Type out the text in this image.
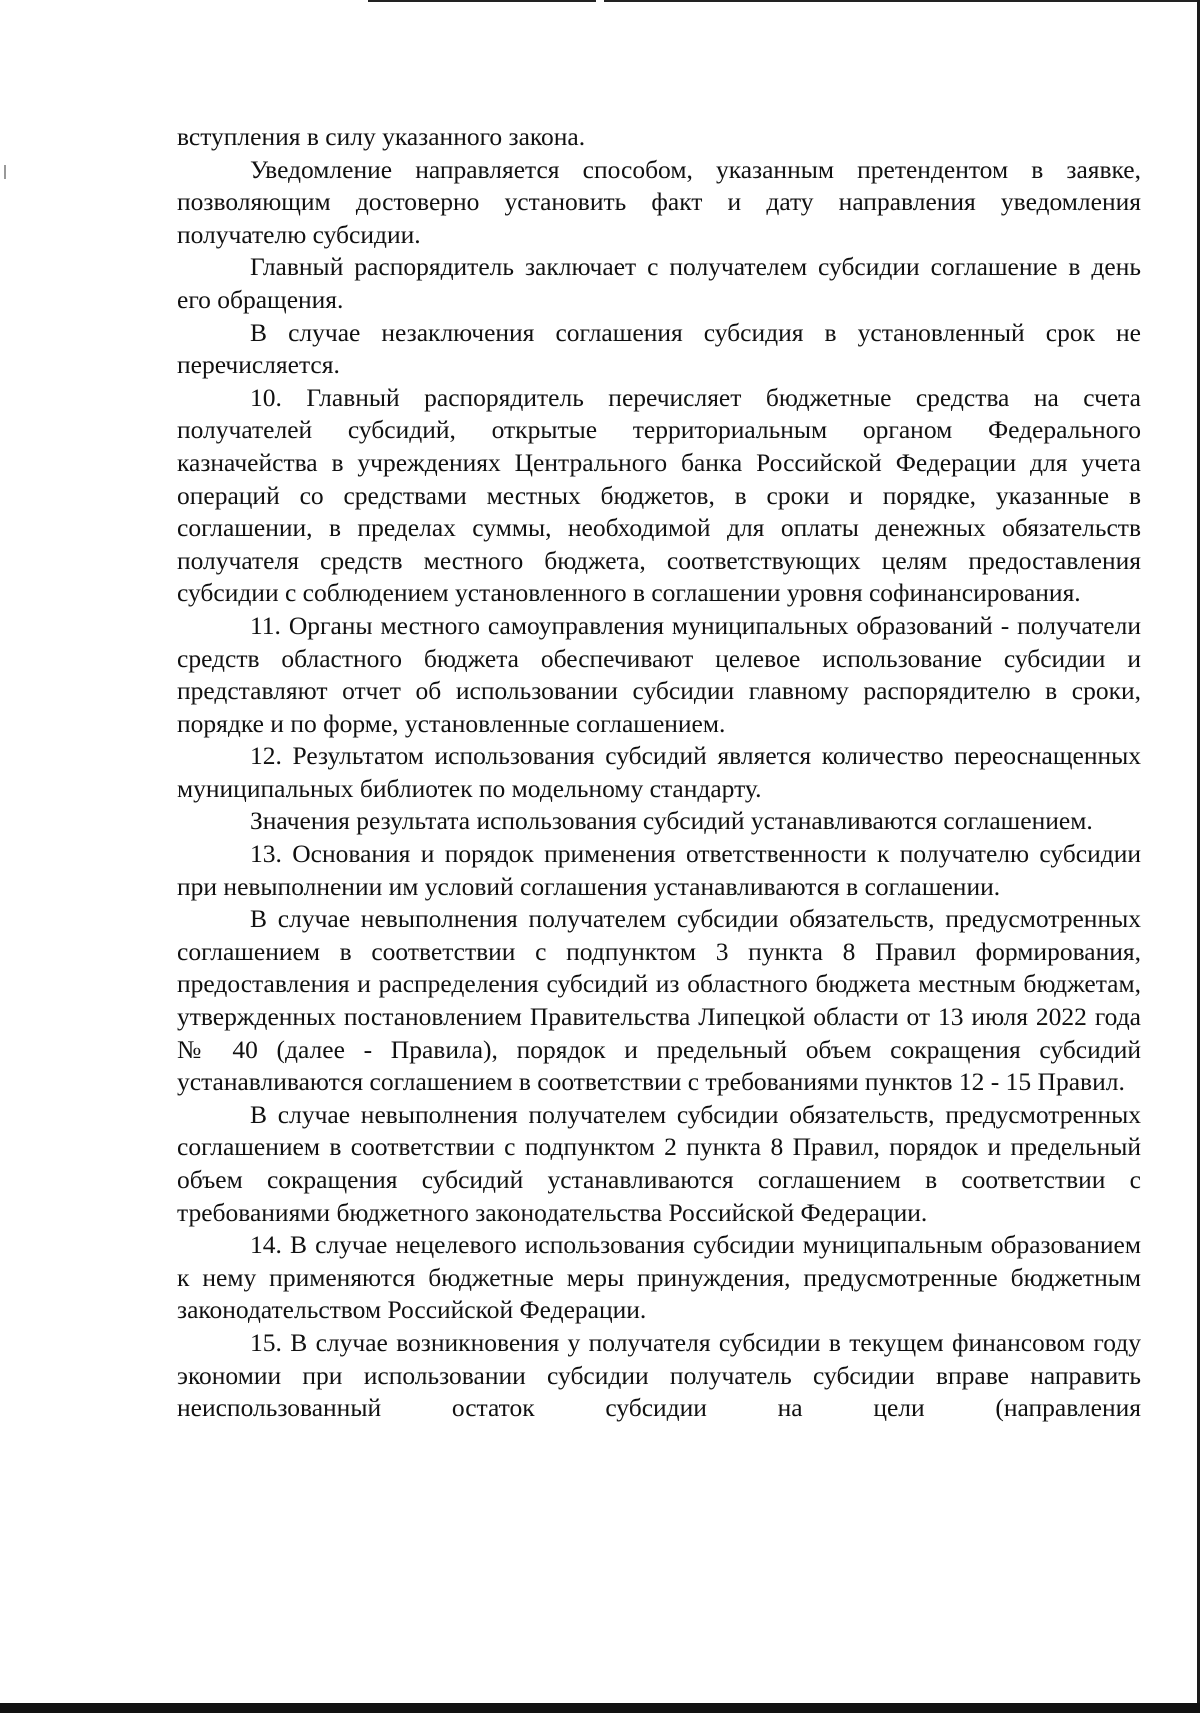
вступления в силу указанного закона.

Уведомление направляется способом, указанным претендентом в заявке, позволяющим достоверно установить факт и дату направления уведомления получателю субсидии.

Главный распорядитель заключает с получателем субсидии соглашение в день его обращения.

В случае незаключения соглашения субсидия в установленный срок не перечисляется.

10. Главный распорядитель перечисляет бюджетные средства на счета получателей субсидий, открытые территориальным органом Федерального казначейства в учреждениях Центрального банка Российской Федерации для учета операций со средствами местных бюджетов, в сроки и порядке, указанные в соглашении, в пределах суммы, необходимой для оплаты денежных обязательств получателя средств местного бюджета, соответствующих целям предоставления субсидии с соблюдением установленного в соглашении уровня софинансирования.

11. Органы местного самоуправления муниципальных образований - получатели средств областного бюджета обеспечивают целевое использование субсидии и представляют отчет об использовании субсидии главному распорядителю в сроки, порядке и по форме, установленные соглашением.

12. Результатом использования субсидий является количество переоснащенных муниципальных библиотек по модельному стандарту.

Значения результата использования субсидий устанавливаются соглашением.

13. Основания и порядок применения ответственности к получателю субсидии при невыполнении им условий соглашения устанавливаются в соглашении.

В случае невыполнения получателем субсидии обязательств, предусмотренных соглашением в соответствии с подпунктом 3 пункта 8 Правил формирования, предоставления и распределения субсидий из областного бюджета местным бюджетам, утвержденных постановлением Правительства Липецкой области от 13 июля 2022 года № 40 (далее - Правила), порядок и предельный объем сокращения субсидий устанавливаются соглашением в соответствии с требованиями пунктов 12 - 15 Правил.

В случае невыполнения получателем субсидии обязательств, предусмотренных соглашением в соответствии с подпунктом 2 пункта 8 Правил, порядок и предельный объем сокращения субсидий устанавливаются соглашением в соответствии с требованиями бюджетного законодательства Российской Федерации.

14. В случае нецелевого использования субсидии муниципальным образованием к нему применяются бюджетные меры принуждения, предусмотренные бюджетным законодательством Российской Федерации.

15. В случае возникновения у получателя субсидии в текущем финансовом году экономии при использовании субсидии получатель субсидии вправе направить неиспользованный остаток субсидии на цели (направления
